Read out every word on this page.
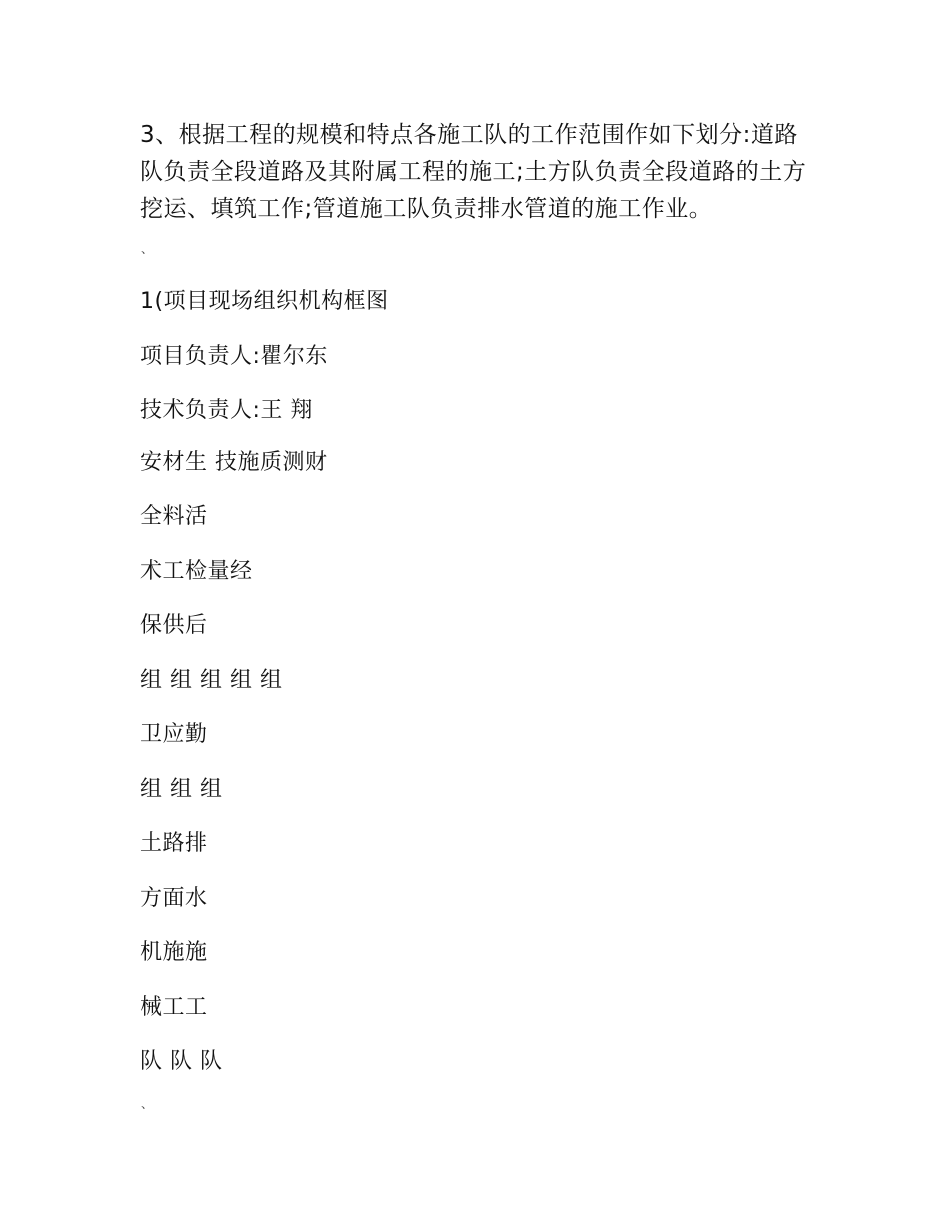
3、根据工程的规模和特点各施工队的工作范围作如下划分:道路队负责全段道路及其附属工程的施工;土方队负责全段道路的土方挖运、填筑工作;管道施工队负责排水管道的施工作业。

、

1(项目现场组织机构框图

项目负责人:瞿尔东

技术负责人:王 翔

安材生 技施质测财

全料活

术工检量经

保供后

组 组 组 组 组

卫应勤

组 组 组

土路排

方面水

机施施

械工工

队 队 队

、
